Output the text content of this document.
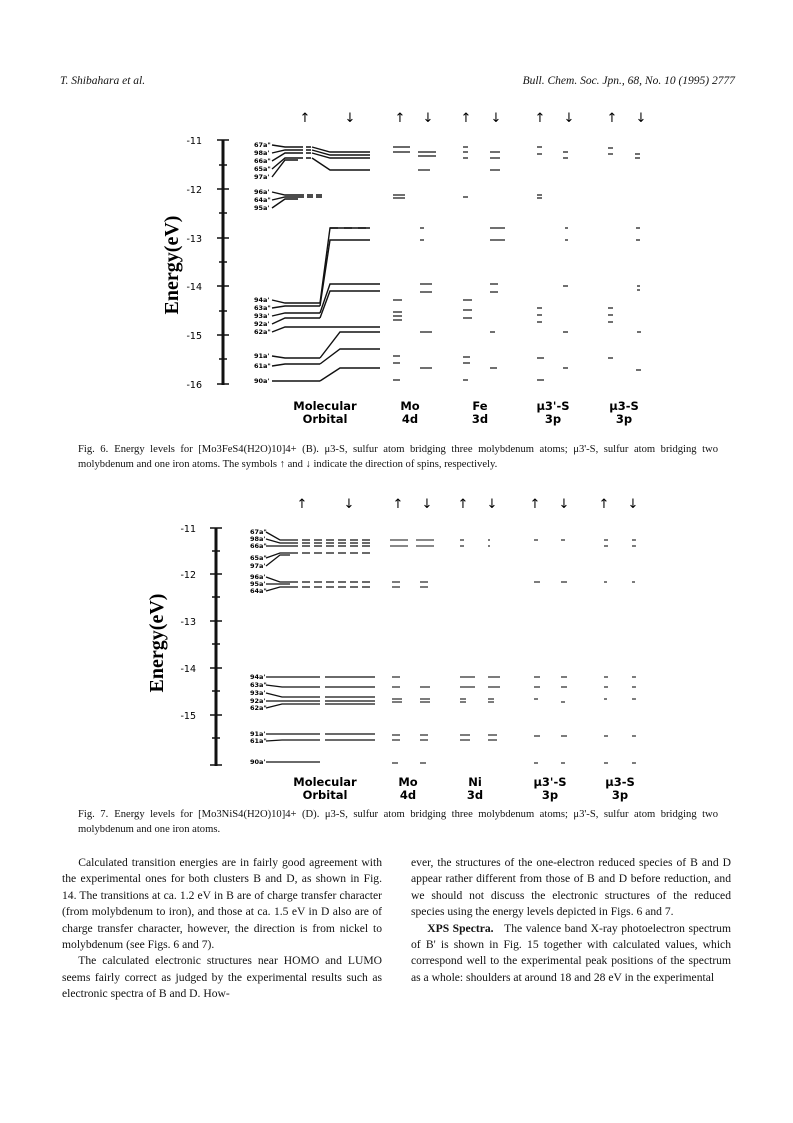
T. Shibahara et al.	Bull. Chem. Soc. Jpn., 68, No. 10 (1995) 2777
↑	↓	↑ ↓ ↑ ↓	↑ ↓ ↑ ↓
-11
-12
-13
-14
-15
-16
Energy(eV)
67a"
98a'
66a"
65a"
97a'
96a'
64a"
95a'
94a'
63a"
93a'
92a'
62a"
91a'
61a"
90a'
Molecular
Orbital
Mo
4d
Fe
3d
μ3'-S
3p
μ3-S
3p
Fig. 6. Energy levels for [Mo3FeS4(H2O)10]4+ (B). μ3-S, sulfur atom bridging three molybdenum atoms; μ3'-S, sulfur atom bridging two molybdenum and one iron atoms. The symbols ↑ and ↓ indicate the direction of spins, respectively.
↑	↓	↑ ↓ ↑ ↓ ↑ ↓ ↑ ↓
-11
-12
-13
-14
-15
Energy(eV)
67a"
98a'
66a"
65a"
97a'
96a'
95a'
64a"
94a'
63a"
93a'
92a'
62a"
91a'
61a"
90a'
Molecular
Orbital
Mo
4d
Ni
3d
μ3'-S
3p
μ3-S
3p
Fig. 7. Energy levels for [Mo3NiS4(H2O)10]4+ (D). μ3-S, sulfur atom bridging three molybdenum atoms; μ3'-S, sulfur atom bridging two molybdenum and one iron atoms.

Calculated transition energies are in fairly good agreement with the experimental ones for both clusters B and D, as shown in Fig. 14. The transitions at ca. 1.2 eV in B are of charge transfer character (from molybdenum to iron), and those at ca. 1.5 eV in D also are of charge transfer character, however, the direction is from nickel to molybdenum (see Figs. 6 and 7).

The calculated electronic structures near HOMO and LUMO seems fairly correct as judged by the experimental results such as electronic spectra of B and D. How-

ever, the structures of the one-electron reduced species of B and D appear rather different from those of B and D before reduction, and we should not discuss the electronic structures of the reduced species using the energy levels depicted in Figs. 6 and 7.

XPS Spectra. The valence band X-ray photoelectron spectrum of B' is shown in Fig. 15 together with calculated values, which correspond well to the experimental peak positions of the spectrum as a whole: shoulders at around 18 and 28 eV in the experimental
